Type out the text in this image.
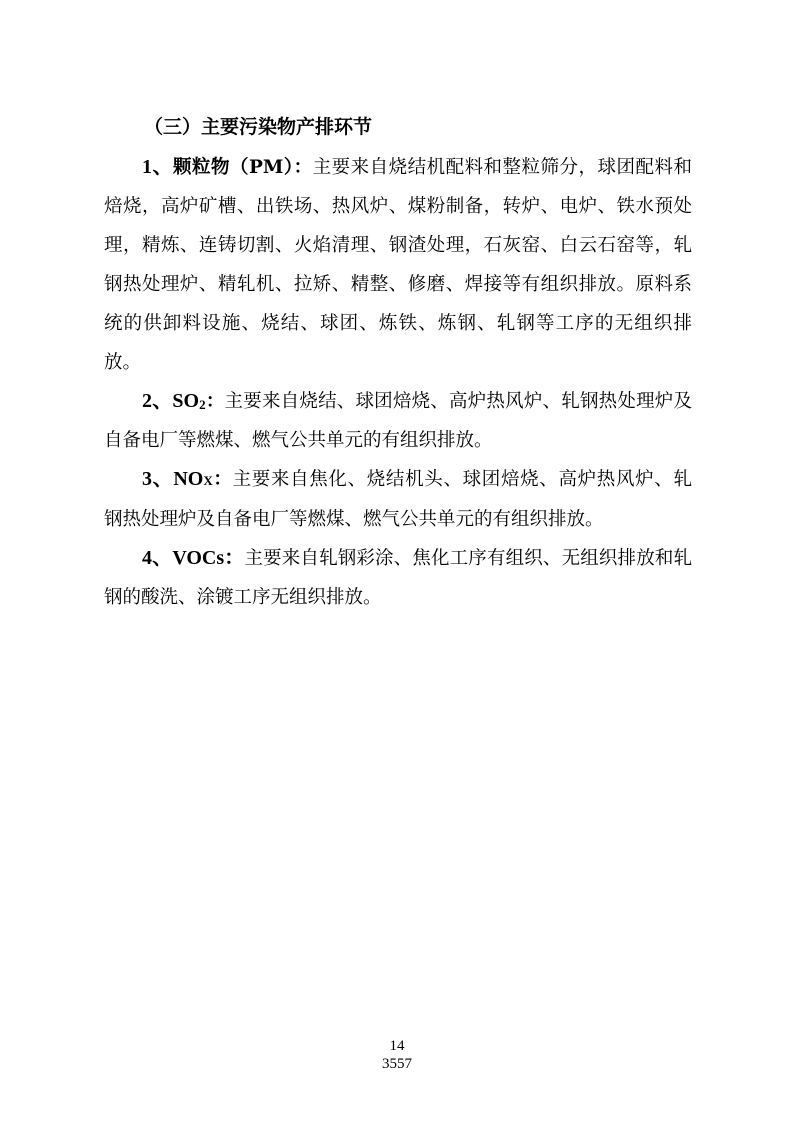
（三）主要污染物产排环节

1、颗粒物（PM）：主要来自烧结机配料和整粒筛分，球团配料和焙烧，高炉矿槽、出铁场、热风炉、煤粉制备，转炉、电炉、铁水预处理，精炼、连铸切割、火焰清理、钢渣处理，石灰窑、白云石窑等，轧钢热处理炉、精轧机、拉矫、精整、修磨、焊接等有组织排放。原料系统的供卸料设施、烧结、球团、炼铁、炼钢、轧钢等工序的无组织排放。

2、$SO_2$：主要来自烧结、球团焙烧、高炉热风炉、轧钢热处理炉及自备电厂等燃煤、燃气公共单元的有组织排放。

3、NOX：主要来自焦化、烧结机头、球团焙烧、高炉热风炉、轧钢热处理炉及自备电厂等燃煤、燃气公共单元的有组织排放。

4、VOCs：主要来自轧钢彩涂、焦化工序有组织、无组织排放和轧钢的酸洗、涂镀工序无组织排放。

14
3557
